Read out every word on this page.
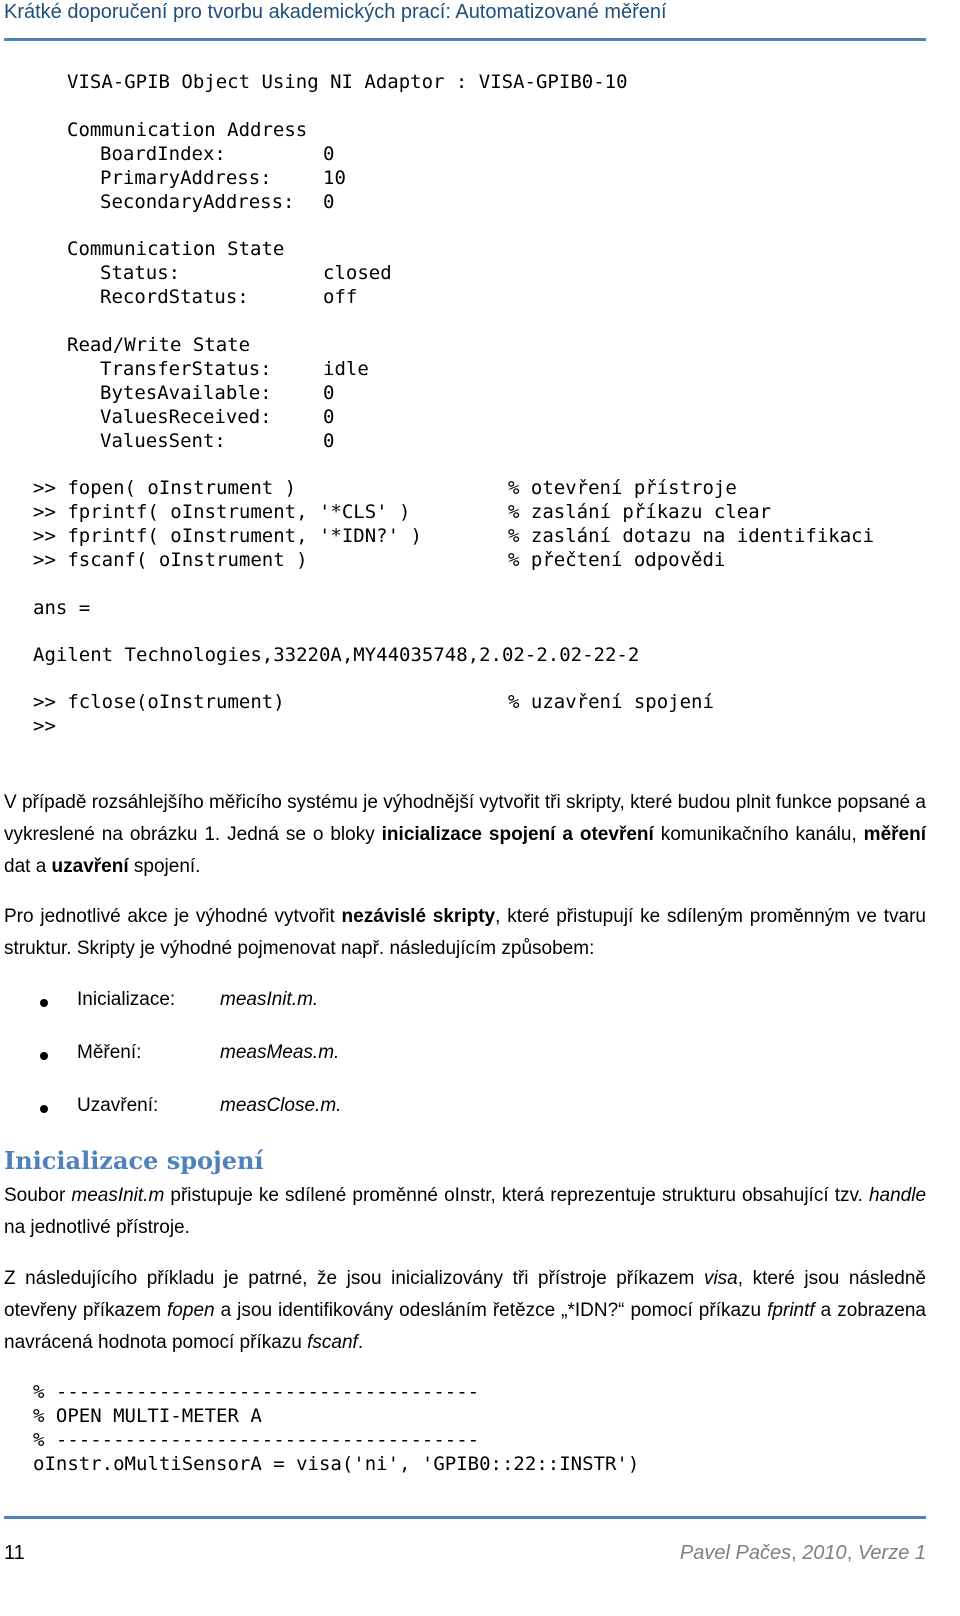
Krátké doporučení pro tvorbu akademických prací: Automatizované měření
VISA-GPIB Object Using NI Adaptor : VISA-GPIB0-10
Communication Address
BoardIndex:	0
PrimaryAddress:	10
SecondaryAddress: 0
Communication State
Status:	closed
RecordStatus:	off
Read/Write State
TransferStatus:	idle
BytesAvailable:	0
ValuesReceived:	0
ValuesSent:	0
>> fopen( oInstrument )	% otevření přístroje
>> fprintf( oInstrument, '*CLS' )	% zaslání příkazu clear
>> fprintf( oInstrument, '*IDN?' )	% zaslání dotazu na identifikaci
>> fscanf( oInstrument )	% přečtení odpovědi
ans =
Agilent Technologies,33220A,MY44035748,2.02-2.02-22-2
>> fclose(oInstrument)	% uzavření spojení
>>
V případě rozsáhlejšího měřicího systému je výhodnější vytvořit tři skripty, které budou plnit funkce popsané a vykreslené na obrázku 1. Jedná se o bloky inicializace spojení a otevření komunikačního kanálu, měření dat a uzavření spojení.
Pro jednotlivé akce je výhodné vytvořit nezávislé skripty, které přistupují ke sdíleným proměnným ve tvaru struktur. Skripty je výhodné pojmenovat např. následujícím způsobem:
Inicializace: measInit.m.
Měření:	measMeas.m.
Uzavření:	measClose.m.
Inicializace spojení
Soubor measInit.m přistupuje ke sdílené proměnné oInstr, která reprezentuje strukturu obsahující tzv. handle na jednotlivé přístroje.
Z následujícího příkladu je patrné, že jsou inicializovány tři přístroje příkazem visa, které jsou následně otevřeny příkazem fopen a jsou identifikovány odesláním řetězce „*IDN?“ pomocí příkazu fprintf a zobrazena navrácená hodnota pomocí příkazu fscanf.
% -------------------------------------
% OPEN MULTI-METER A
% -------------------------------------
oInstr.oMultiSensorA = visa('ni', 'GPIB0::22::INSTR')
11	Pavel Pačes, 2010, Verze 1
